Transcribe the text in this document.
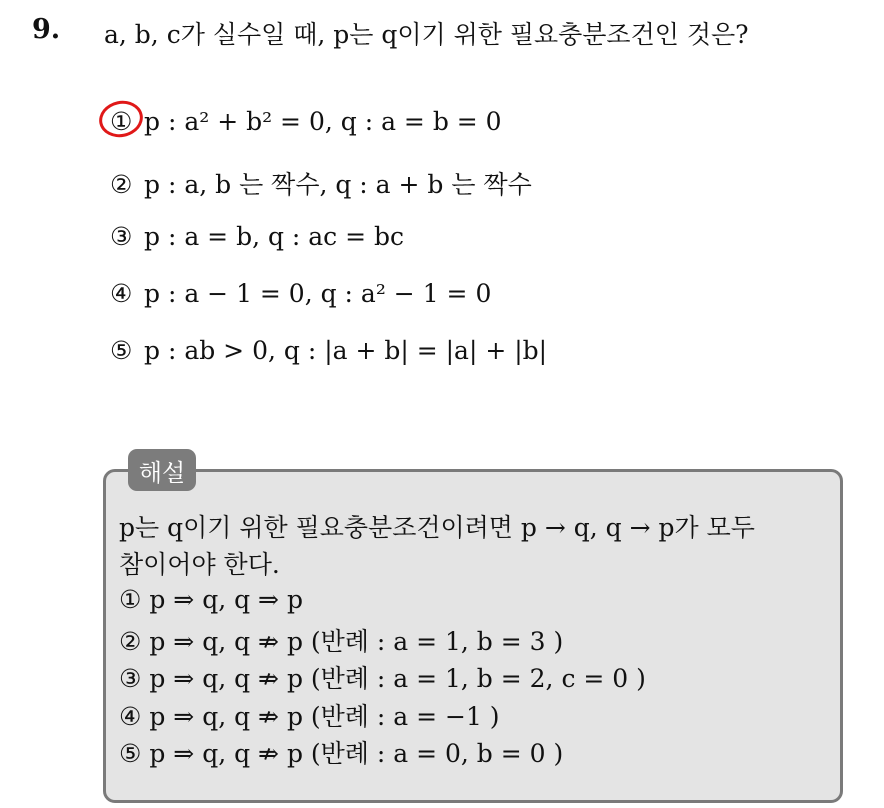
9. a, b, c가 실수일 때, p는 q이기 위한 필요충분조건인 것은?
① p : a² + b² = 0, q : a = b = 0
② p : a, b 는 짝수, q : a + b 는 짝수
③ p : a = b, q : ac = bc
④ p : a − 1 = 0, q : a² − 1 = 0
⑤ p : ab > 0, q : |a + b| = |a| + |b|
해설
p는 q이기 위한 필요충분조건이려면 p → q, q → p가 모두
참이어야 한다.
① p ⇒ q, q ⇒ p
② p ⇒ q, q ⇏ p (반례 : a = 1, b = 3 )
③ p ⇒ q, q ⇏ p (반례 : a = 1, b = 2, c = 0 )
④ p ⇒ q, q ⇏ p (반례 : a = −1 )
⑤ p ⇒ q, q ⇏ p (반례 : a = 0, b = 0 )
